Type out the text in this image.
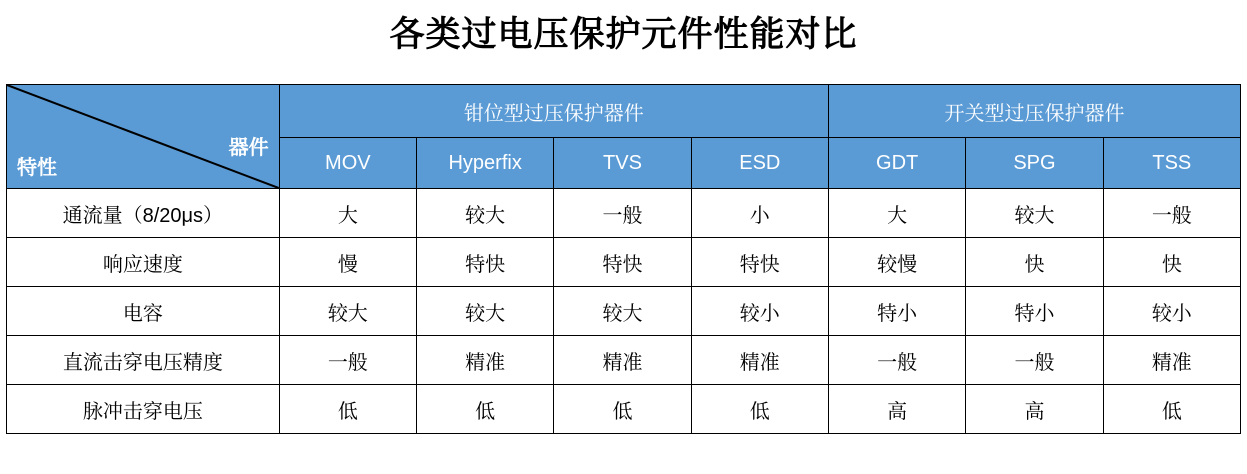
各类过电压保护元件性能对比
特性
器件	钳位型过压保护器件				开关型过压保护器件		
	MOV	Hyperfix	TVS	ESD	GDT	SPG	TSS
通流量（8/20μs）	大	较大	一般	小	大	较大	一般
响应速度	慢	特快	特快	特快	较慢	快	快
电容	较大	较大	较大	较小	特小	特小	较小
直流击穿电压精度	一般	精准	精准	精准	一般	一般	精准
脉冲击穿电压	低	低	低	低	高	高	低
